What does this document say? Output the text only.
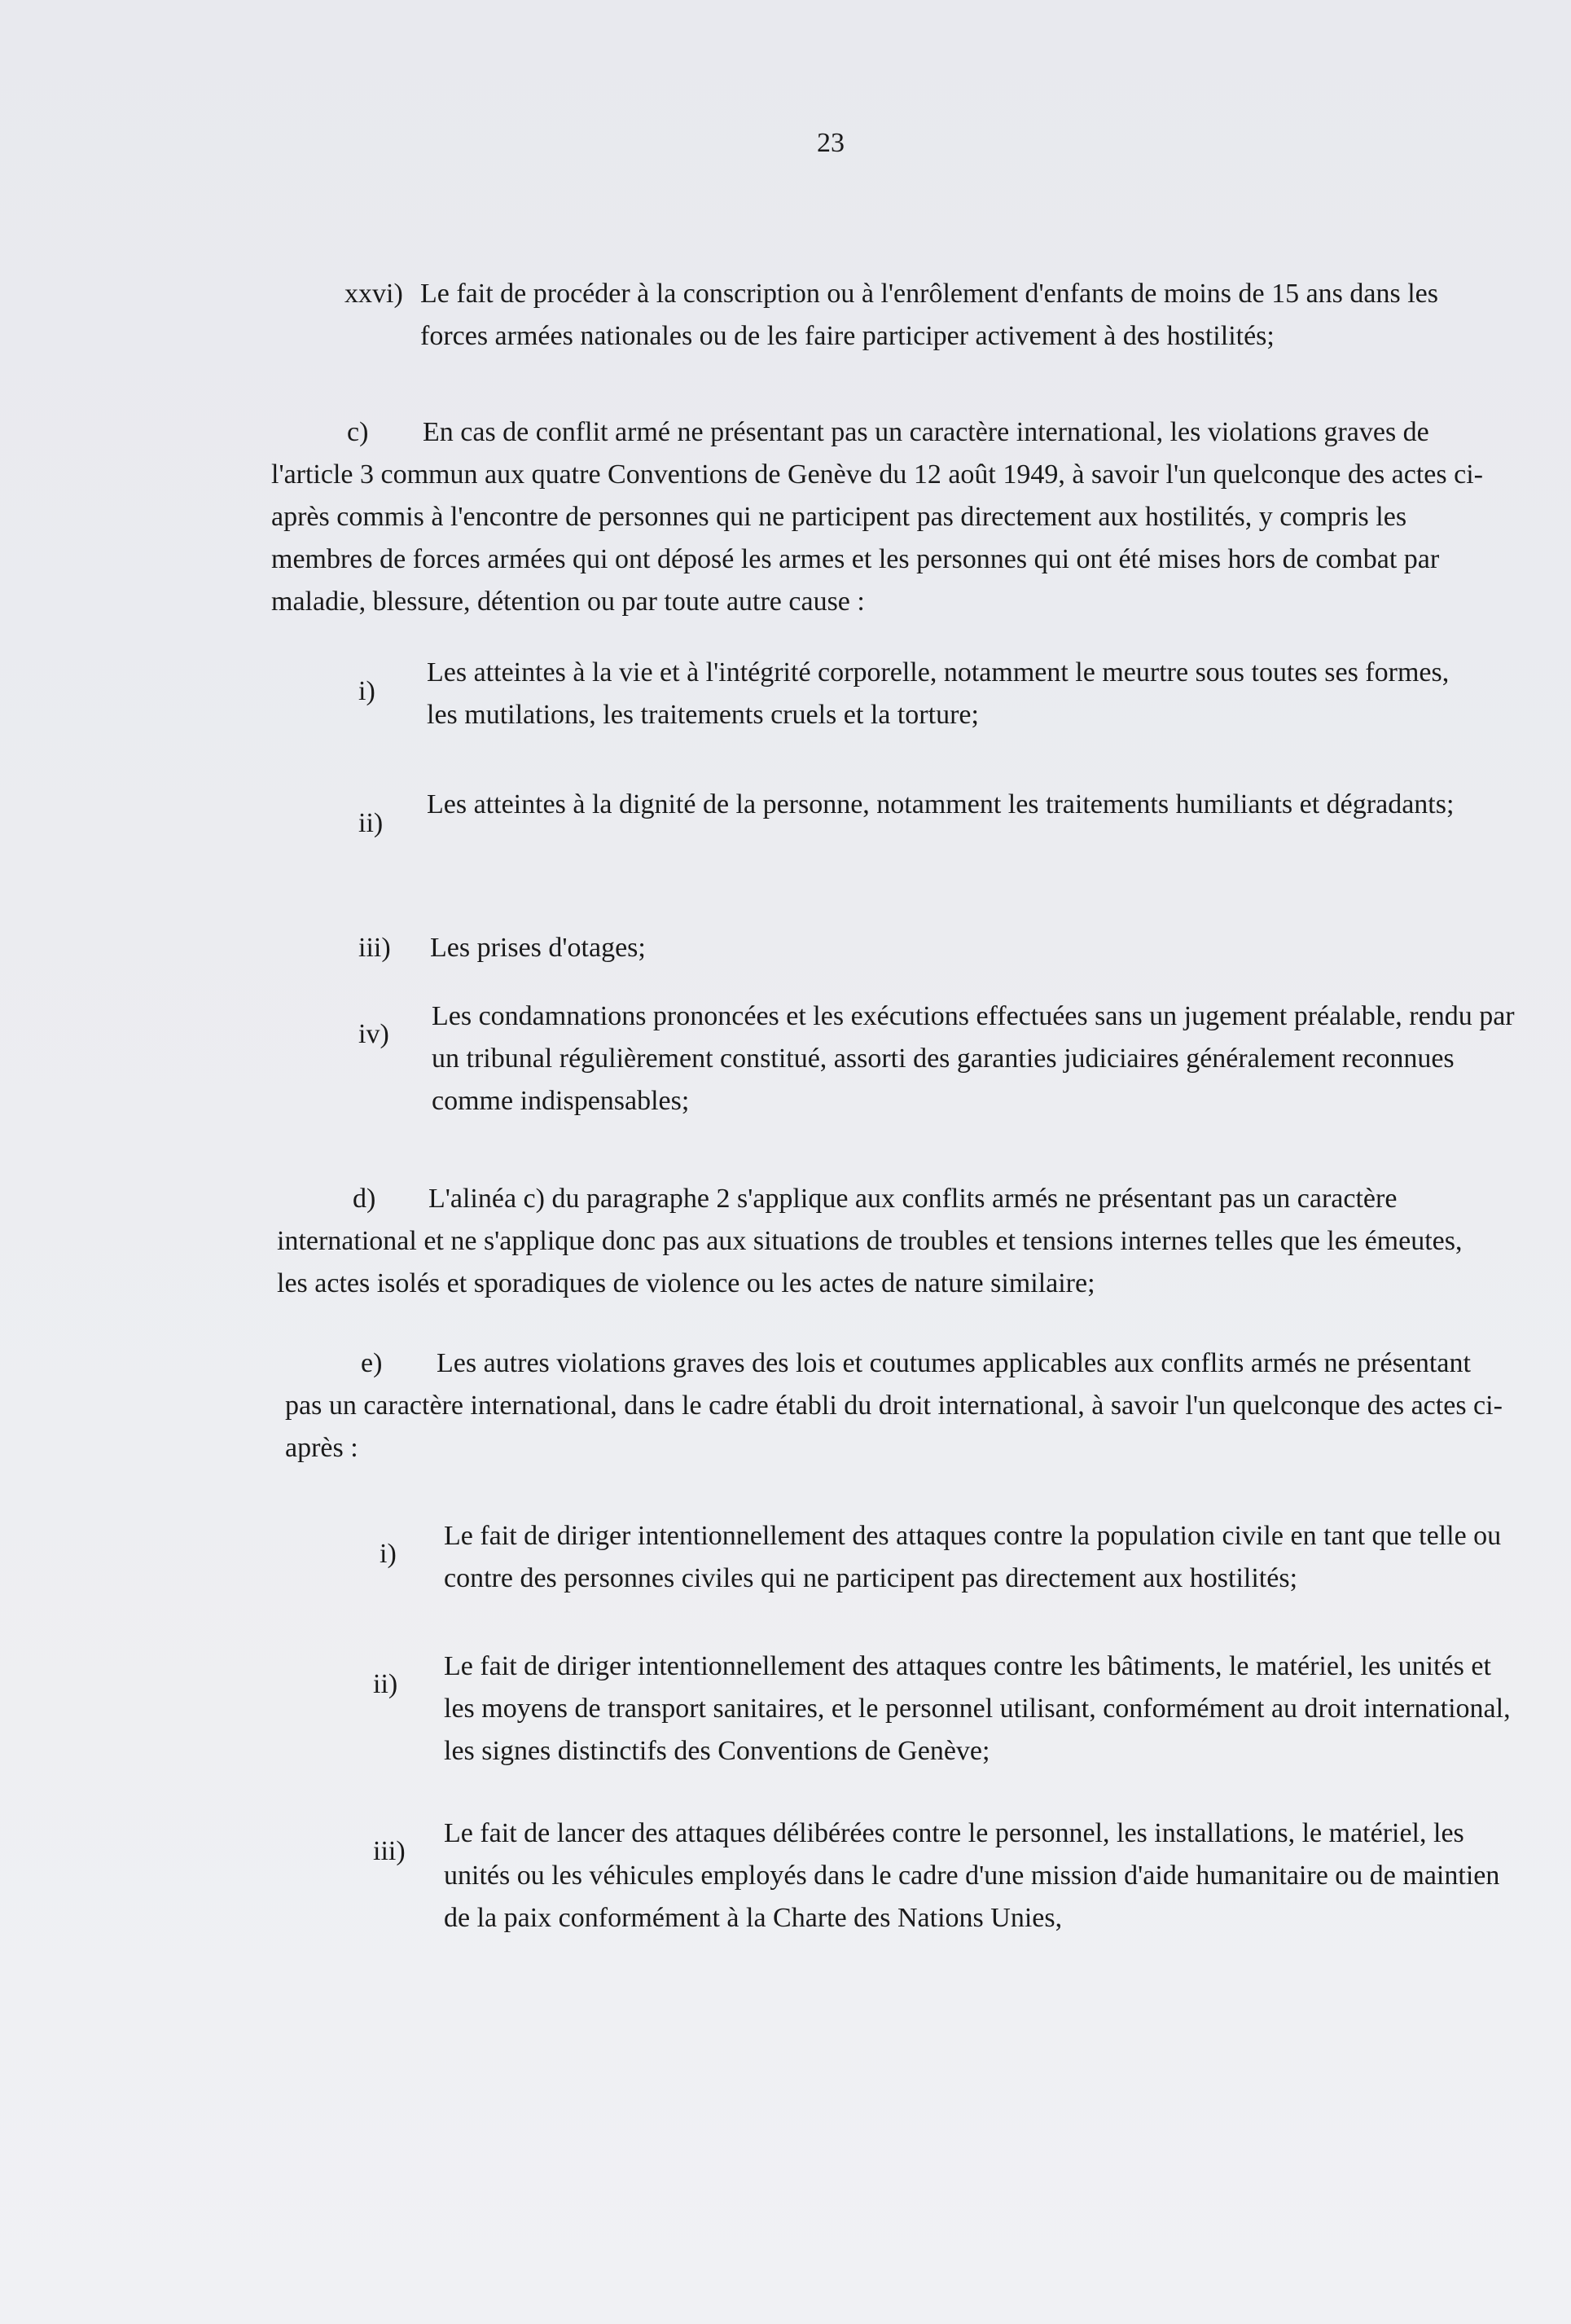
23
xxvi) Le fait de procéder à la conscription ou à l'enrôlement d'enfants de moins de 15 ans dans les forces armées nationales ou de les faire participer activement à des hostilités;
c) En cas de conflit armé ne présentant pas un caractère international, les violations graves de l'article 3 commun aux quatre Conventions de Genève du 12 août 1949, à savoir l'un quelconque des actes ci-après commis à l'encontre de personnes qui ne participent pas directement aux hostilités, y compris les membres de forces armées qui ont déposé les armes et les personnes qui ont été mises hors de combat par maladie, blessure, détention ou par toute autre cause :
i)
Les atteintes à la vie et à l'intégrité corporelle, notamment le meurtre sous toutes ses formes, les mutilations, les traitements cruels et la torture;
ii)
Les atteintes à la dignité de la personne, notamment les traitements humiliants et dégradants;
iii) Les prises d'otages;
iv)
Les condamnations prononcées et les exécutions effectuées sans un jugement préalable, rendu par un tribunal régulièrement constitué, assorti des garanties judiciaires généralement reconnues comme indispensables;
d) L'alinéa c) du paragraphe 2 s'applique aux conflits armés ne présentant pas un caractère international et ne s'applique donc pas aux situations de troubles et tensions internes telles que les émeutes, les actes isolés et sporadiques de violence ou les actes de nature similaire;
e) Les autres violations graves des lois et coutumes applicables aux conflits armés ne présentant pas un caractère international, dans le cadre établi du droit international, à savoir l'un quelconque des actes ci-après :
i)
Le fait de diriger intentionnellement des attaques contre la population civile en tant que telle ou contre des personnes civiles qui ne participent pas directement aux hostilités;
ii)
Le fait de diriger intentionnellement des attaques contre les bâtiments, le matériel, les unités et les moyens de transport sanitaires, et le personnel utilisant, conformément au droit international, les signes distinctifs des Conventions de Genève;
iii)
Le fait de lancer des attaques délibérées contre le personnel, les installations, le matériel, les unités ou les véhicules employés dans le cadre d'une mission d'aide humanitaire ou de maintien de la paix conformément à la Charte des Nations Unies,
